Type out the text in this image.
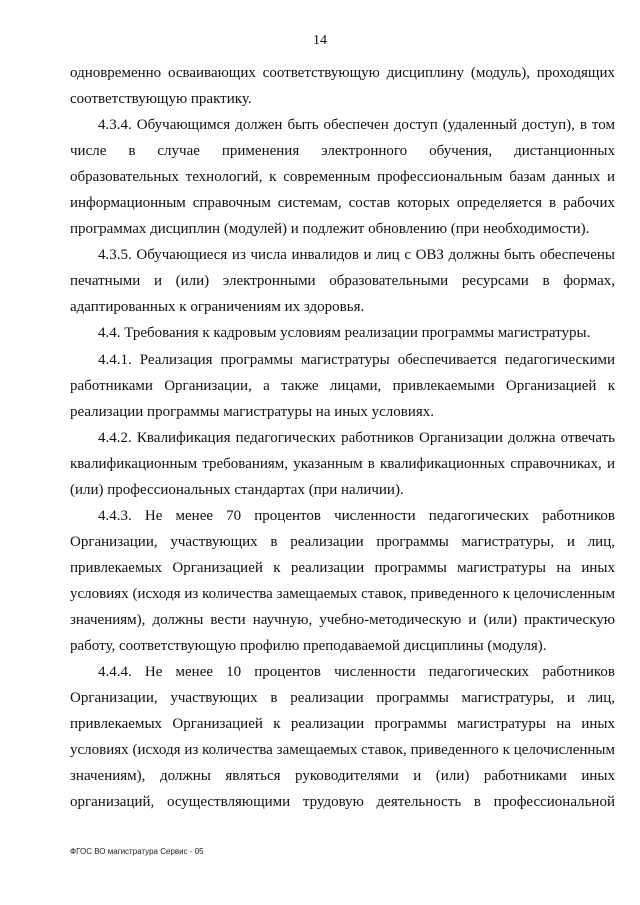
14

одновременно осваивающих соответствующую дисциплину (модуль), проходящих соответствующую практику.

4.3.4. Обучающимся должен быть обеспечен доступ (удаленный доступ), в том числе в случае применения электронного обучения, дистанционных образовательных технологий, к современным профессиональным базам данных и информационным справочным системам, состав которых определяется в рабочих программах дисциплин (модулей) и подлежит обновлению (при необходимости).

4.3.5. Обучающиеся из числа инвалидов и лиц с ОВЗ должны быть обеспечены печатными и (или) электронными образовательными ресурсами в формах, адаптированных к ограничениям их здоровья.

4.4. Требования к кадровым условиям реализации программы магистратуры.

4.4.1. Реализация программы магистратуры обеспечивается педагогическими работниками Организации, а также лицами, привлекаемыми Организацией к реализации программы магистратуры на иных условиях.

4.4.2. Квалификация педагогических работников Организации должна отвечать квалификационным требованиям, указанным в квалификационных справочниках, и (или) профессиональных стандартах (при наличии).

4.4.3. Не менее 70 процентов численности педагогических работников Организации, участвующих в реализации программы магистратуры, и лиц, привлекаемых Организацией к реализации программы магистратуры на иных условиях (исходя из количества замещаемых ставок, приведенного к целочисленным значениям), должны вести научную, учебно-методическую и (или) практическую работу, соответствующую профилю преподаваемой дисциплины (модуля).

4.4.4. Не менее 10 процентов численности педагогических работников Организации, участвующих в реализации программы магистратуры, и лиц, привлекаемых Организацией к реализации программы магистратуры на иных условиях (исходя из количества замещаемых ставок, приведенного к целочисленным значениям), должны являться руководителями и (или) работниками иных организаций, осуществляющими трудовую деятельность в профессиональной

ФГОС ВО магистратура Сервис - 05
